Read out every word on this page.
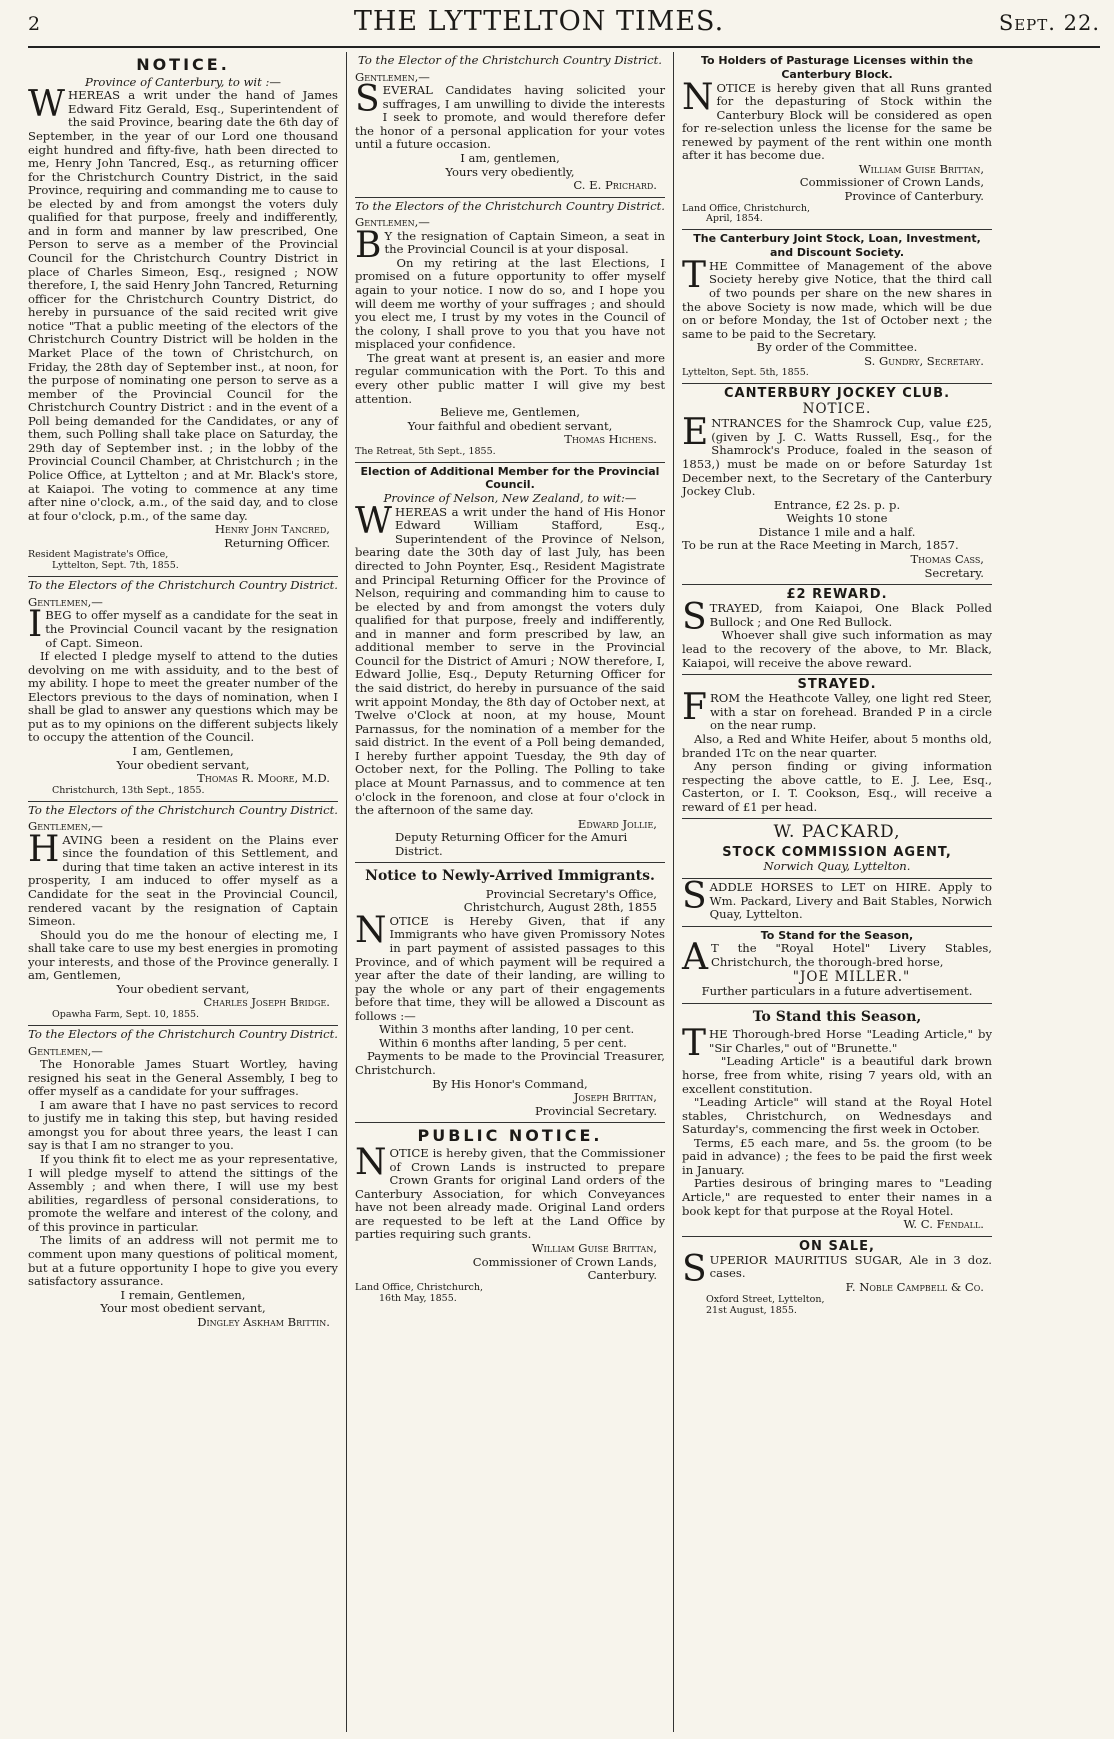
2	THE LYTTELTON TIMES.	Sept. 22.
NOTICE.
Province of Canterbury, to wit :—

WHEREAS a writ under the hand of James Edward Fitz Gerald, Esq., Superintendent of the said Province, bearing date the 6th day of September, in the year of our Lord one thousand eight hundred and fifty-five, hath been directed to me, Henry John Tancred, Esq., as returning officer for the Christchurch Country District, in the said Province, requiring and commanding me to cause to be elected by and from amongst the voters duly qualified for that purpose, freely and indifferently, and in form and manner by law prescribed, One Person to serve as a member of the Provincial Council for the Christchurch Country District in place of Charles Simeon, Esq., resigned ; NOW therefore, I, the said Henry John Tancred, Returning officer for the Christchurch Country District, do hereby in pursuance of the said recited writ give notice "That a public meeting of the electors of the Christchurch Country District will be holden in the Market Place of the town of Christchurch, on Friday, the 28th day of September inst., at noon, for the purpose of nominating one person to serve as a member of the Provincial Council for the Christchurch Country District : and in the event of a Poll being demanded for the Candidates, or any of them, such Polling shall take place on Saturday, the 29th day of September inst. ; in the lobby of the Provincial Council Chamber, at Christchurch ; in the Police Office, at Lyttelton ; and at Mr. Black's store, at Kaiapoi. The voting to commence at any time after nine o'clock, a.m., of the said day, and to close at four o'clock, p.m., of the same day.

Henry John Tancred,
Returning Officer.
Resident Magistrate's Office,
Lyttelton, Sept. 7th, 1855.
To the Electors of the Christchurch Country District.
Gentlemen,—

IBEG to offer myself as a candidate for the seat in the Provincial Council vacant by the resignation of Capt. Simeon.

If elected I pledge myself to attend to the duties devolving on me with assiduity, and to the best of my ability. I hope to meet the greater number of the Electors previous to the days of nomination, when I shall be glad to answer any questions which may be put as to my opinions on the different subjects likely to occupy the attention of the Council.

I am, Gentlemen,
Your obedient servant,
Thomas R. Moore, M.D.
Christchurch, 13th Sept., 1855.
To the Electors of the Christchurch Country District.
Gentlemen,—

HAVING been a resident on the Plains ever since the foundation of this Settlement, and during that time taken an active interest in its prosperity, I am induced to offer myself as a Candidate for the seat in the Provincial Council, rendered vacant by the resignation of Captain Simeon.

Should you do me the honour of electing me, I shall take care to use my best energies in promoting your interests, and those of the Province generally. I am, Gentlemen,

Your obedient servant,
Charles Joseph Bridge.
Opawha Farm, Sept. 10, 1855.
To the Electors of the Christchurch Country District.
Gentlemen,—

The Honorable James Stuart Wortley, having resigned his seat in the General Assembly, I beg to offer myself as a candidate for your suffrages.

I am aware that I have no past services to record to justify me in taking this step, but having resided amongst you for about three years, the least I can say is that I am no stranger to you.

If you think fit to elect me as your representative, I will pledge myself to attend the sittings of the Assembly ; and when there, I will use my best abilities, regardless of personal considerations, to promote the welfare and interest of the colony, and of this province in particular.

The limits of an address will not permit me to comment upon many questions of political moment, but at a future opportunity I hope to give you every satisfactory assurance.

I remain, Gentlemen,
Your most obedient servant,
Dingley Askham Brittin.
To the Elector of the Christchurch Country District.
Gentlemen,—

SEVERAL Candidates having solicited your suffrages, I am unwilling to divide the interests I seek to promote, and would therefore defer the honor of a personal application for your votes until a future occasion.

I am, gentlemen,
Yours very obediently,
C. E. Prichard.
To the Electors of the Christchurch Country District.
Gentlemen,—

B Y the resignation of Captain Simeon, a seat in the Provincial Council is at your disposal.

On my retiring at the last Elections, I promised on a future opportunity to offer myself again to your notice. I now do so, and I hope you will deem me worthy of your suffrages ; and should you elect me, I trust by my votes in the Council of the colony, I shall prove to you that you have not misplaced your confidence.

The great want at present is, an easier and more regular communication with the Port. To this and every other public matter I will give my best attention.

Believe me, Gentlemen,
Your faithful and obedient servant,
Thomas Hichens.
The Retreat, 5th Sept., 1855.
Election of Additional Member for the Provincial Council.
Province of Nelson, New Zealand, to wit:—

WHEREAS a writ under the hand of His Honor Edward William Stafford, Esq., Superintendent of the Province of Nelson, bearing date the 30th day of last July, has been directed to John Poynter, Esq., Resident Magistrate and Principal Returning Officer for the Province of Nelson, requiring and commanding him to cause to be elected by and from amongst the voters duly qualified for that purpose, freely and indifferently, and in manner and form prescribed by law, an additional member to serve in the Provincial Council for the District of Amuri ; NOW therefore, I, Edward Jollie, Esq., Deputy Returning Officer for the said district, do hereby in pursuance of the said writ appoint Monday, the 8th day of October next, at Twelve o'Clock at noon, at my house, Mount Parnassus, for the nomination of a member for the said district. In the event of a Poll being demanded, I hereby further appoint Tuesday, the 9th day of October next, for the Polling. The Polling to take place at Mount Parnassus, and to commence at ten o'clock in the forenoon, and close at four o'clock in the afternoon of the same day.

Edward Jollie,
Deputy Returning Officer for the Amuri District.
Notice to Newly-Arrived Immigrants.
Provincial Secretary's Office,
Christchurch, August 28th, 1855

NOTICE is Hereby Given, that if any Immigrants who have given Promissory Notes in part payment of assisted passages to this Province, and of which payment will be required a year after the date of their landing, are willing to pay the whole or any part of their engagements before that time, they will be allowed a Discount as follows :—

Within 3 months after landing, 10 per cent.
Within 6 months after landing, 5 per cent.

Payments to be made to the Provincial Treasurer, Christchurch.

By His Honor's Command,
Joseph Brittan,
Provincial Secretary.
PUBLIC NOTICE.

NOTICE is hereby given, that the Commissioner of Crown Lands is instructed to prepare Crown Grants for original Land orders of the Canterbury Association, for which Conveyances have not been already made. Original Land orders are requested to be left at the Land Office by parties requiring such grants.

William Guise Brittan,
Commissioner of Crown Lands,
Canterbury.
Land Office, Christchurch,
16th May, 1855.
To Holders of Pasturage Licenses within the Canterbury Block.

NOTICE is hereby given that all Runs granted for the depasturing of Stock within the Canterbury Block will be considered as open for re-selection unless the license for the same be renewed by payment of the rent within one month after it has become due.

William Guise Brittan,
Commissioner of Crown Lands,
Province of Canterbury.
Land Office, Christchurch,
April, 1854.
The Canterbury Joint Stock, Loan, Investment, and Discount Society.

THE Committee of Management of the above Society hereby give Notice, that the third call of two pounds per share on the new shares in the above Society is now made, which will be due on or before Monday, the 1st of October next ; the same to be paid to the Secretary.

By order of the Committee.
S. Gundry, Secretary.
Lyttelton, Sept. 5th, 1855.
CANTERBURY JOCKEY CLUB.
NOTICE.

ENTRANCES for the Shamrock Cup, value £25, (given by J. C. Watts Russell, Esq., for the Shamrock's Produce, foaled in the season of 1853,) must be made on or before Saturday 1st December next, to the Secretary of the Canterbury Jockey Club.

Entrance, £2 2s. p. p.
Weights 10 stone
Distance 1 mile and a half.
To be run at the Race Meeting in March, 1857.
Thomas Cass,
Secretary.
£2 REWARD.

STRAYED, from Kaiapoi, One Black Polled Bullock ; and One Red Bullock.

Whoever shall give such information as may lead to the recovery of the above, to Mr. Black, Kaiapoi, will receive the above reward.

STRAYED.

FROM the Heathcote Valley, one light red Steer, with a star on forehead. Branded P in a circle on the near rump.

Also, a Red and White Heifer, about 5 months old, branded 1Tc on the near quarter.

Any person finding or giving information respecting the above cattle, to E. J. Lee, Esq., Casterton, or I. T. Cookson, Esq., will receive a reward of £1 per head.

W. PACKARD,
STOCK COMMISSION AGENT,
Norwich Quay, Lyttelton.

SADDLE HORSES to LET on HIRE. Apply to Wm. Packard, Livery and Bait Stables, Norwich Quay, Lyttelton.

To Stand for the Season,

A T the "Royal Hotel" Livery Stables, Christchurch, the thorough-bred horse,

"JOE MILLER."
Further particulars in a future advertisement.
To Stand this Season,

THE Thorough-bred Horse "Leading Article," by "Sir Charles," out of "Brunette."

"Leading Article" is a beautiful dark brown horse, free from white, rising 7 years old, with an excellent constitution.

"Leading Article" will stand at the Royal Hotel stables, Christchurch, on Wednesdays and Saturday's, commencing the first week in October.

Terms, £5 each mare, and 5s. the groom (to be paid in advance) ; the fees to be paid the first week in January.

Parties desirous of bringing mares to "Leading Article," are requested to enter their names in a book kept for that purpose at the Royal Hotel.

W. C. Fendall.
ON SALE,

SUPERIOR MAURITIUS SUGAR, Ale in 3 doz. cases.

F. Noble Campbell & Co.
Oxford Street, Lyttelton,
21st August, 1855.
